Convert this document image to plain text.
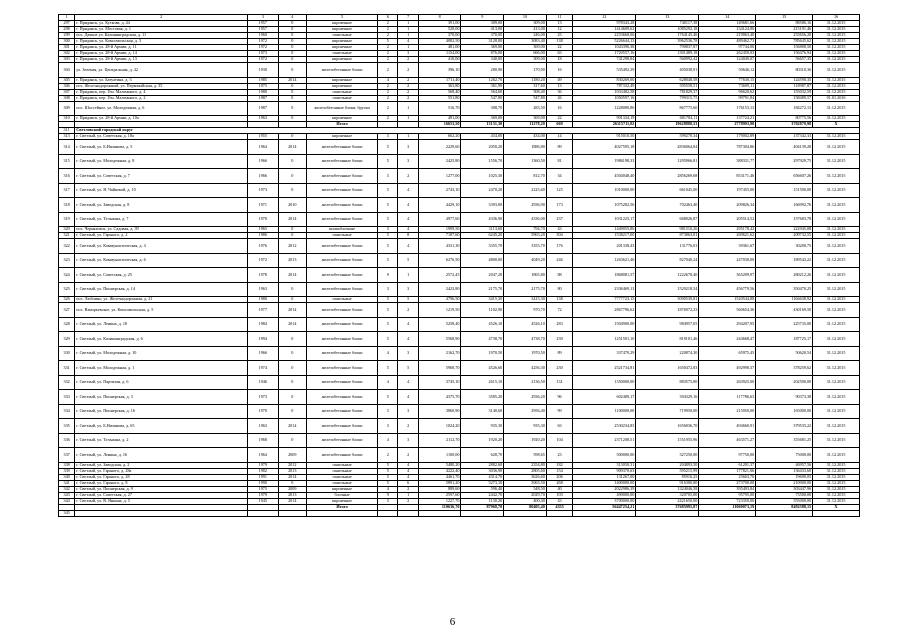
1	2	3	4	5	6	7	8	9	10	11	12	13	14	15	16
297	г. Приданск, ул. Куткова, д. 44	1957	0	кирпичные	2	1	391,00	309,00	309,00	13	978343,28	740117,38	149681,66	88586,16	31.12.2015
298	г. Приданск, ул. Мостовая, д. 1	1957	0	кирпичные	2	1	528,00	413,00	413,00	12	1414609,62	1085292,18	134124,80	215191,46	31.12.2015
299	пос. Дачное ул. Калининградская, д. 11	1960	0	панельные	2	1	370,00	370,00	246,00	25	2253668,06	1764145,46	219063,40	255656,20	31.12.2015
300	г. Приданск, ул. Комсомольская, д. 3	1972	0	кирпичные	5	4	4082,50	3128,00	3083,40	138	5226644,13	3962536,78	489462,73	785645,62	31.12.2015
301	г. Приданск, ул. 28-й Армии, д. 11	1972	0	кирпичные	2	1	481,00	369,00	369,00	22	1043390,38	790837,87	97744,00	156808,50	31.12.2015
302	г. Приданск, ул. 28-й Армии, д. 14	1973	0	панельные	2	3	1154,00	876,00	666,00	63	1720557,16	1301489,18	262450,03	156476,94	31.12.2015
303	г. Приданск, ул. 28-й Армии, д. 13	1972	0	кирпичные	2	2	410,00	340,00	309,00	18	741298,84	560992,42	124049,07	56657,35	31.12.2015
304	ул. Зеленая, ул. Центральная, д. 42	1930	0	железобетонные блоки	2	2	396,10	280,90	170,90	16	535492,39	405038,91	50646,12	80310,36	31.12.2015
305	г. Приданск, ул. Батуатина, д. 3	1985	2014	кирпичные	4	2	1711,40	1262,70	1180,20	49	830269,00	628048,58	77630,15	124590,35	31.12.2015
306	пос. Железнодорожный, ул. Первомайская, д. 35	1975	0	кирпичные	2	2	363,80	361,90	317,60	13	787332,49	595558,51	73609,11	118987,87	31.12.2015
307	г. Приданск, пер. Ген. Маленького, д. 4	1980	0	панельные	2	2	568,40	564,60	508,40	36	1033482,58	781829,37	96620,62	155032,59	31.12.2015
308	г. Приданск, пер. Ген. Маленького, д. 2	1987	0	панельные	2	2	551,80	547,80	547,80	26	1050597,16	799315,75	99791,84	158489,57	01.01.2016
309	пос. Шоссейное, ул. Молодежная, д. 6	1987	0	железобетонные блоки, бруски	2	1	516,70	308,70	283,50	16	1228080,86	867775,60	176153,13	184272,13	31.12.2015
310	г. Приданск, ул. 28-й Армии, д. 10а	1963	0	кирпичные	2	1	481,00	369,00	369,00	22	901334,19	681784,11	137724,21	80775,56	31.12.2015
				Итого			16653,50	13131,30	11278,20	669	26115711,02	19628888,53	2778993,90	3702879,98	X
311	Светловский городской округ														
313	г. Светлый, ул. Советская, д. 18а	1955	0	кирпичные	3	1	662,20	434,00	434,00	14	915010,50	599270,34	179002,89	137342,33	31.12.2015
314	г. Светлый, ул. Б.Низинова, д. 5	1964	2014	железобетонные блоки	5	3	2229,60	2050,20	1886,80	89	4027595,18	2836064,04	787304,86	404139,28	31.12.2015
315	г. Светлый, ул. Молодежная, д. 8	1966	0	железобетонные блоки	5	3	2425,80	1556,70	1360,50	81	1986198,33	1295966,81	388331,77	297929,75	31.12.2015
316	г. Светлый, ул. Советская, д. 7	1966	0	железобетонные блоки	3	2	1277,00	1025,30	812,70	34	4504048,40	2856269,68	853171,46	656607,26	31.12.2015
317	г. Светлый, ул. Я. Чайковой, д. 10	1973	0	железобетонные блоки	5	4	2743,10	2470,20	2225,60	125	1010000,00	661045,00	197455,00	151500,00	31.12.2015
318	г. Светлый, ул. Заводская, д. 8	1971	2010	железобетонные блоки	5	4	4429,10	3393,00	2936,90	173	1075282,56	702463,40	209826,34	166992,76	31.12.2015
319	г. Светлый, ул. Тельмана, д. 7	1970	2014	железобетонные блоки	5	4	4977,60	4336,90	4336,00	237	1031225,17	668026,87	205514,52	157683,78	31.12.2015
320	пос. Черняховск, ул. Садовая, д. 39	1965	0	шлакоблочные	3	4	1999,50	1113,60	794,70	43	1449055,86	981510,26	295178,42	222945,08	31.12.2015
321	г. Светлый, ул. Гарького, д. 2	1986	0	панельные	5	8	7187,60	6245,20	5963,20	304	1538217,00	873863,01	269621,62	209732,55	31.12.2015
322	г. Светлый, ул. Коммунистическая, д. 4	1976	2012	железобетонные блоки	5	4	4331,30	3355,70	3355,70	176	201338,43	131776,01	39361,67	30200,75	31.12.2015
323	г. Светлый, ул. Коммунистическая, д. 6	1972	2013	железобетонные блоки	5	5	6276,50	4800,00	4049,20	246	1263621,46	827040,24	247038,00	189543,22	31.12.2015
324	г. Светлый, ул. Советская, д. 25	1978	2014	железобетонные блоки	9	1	2572,45	2047,20	1865,80	88	1868081,57	1222678,40	365209,97	280212,26	31.12.2015
325	г. Светлый, ул. Пионерская, д. 14	1963	0	железобетонные блоки	3	3	2423,80	2175,70	2175,70	80	2336469,13	1529218,54	456779,56	350470,25	31.12.2015
326	пос. Люблино, ул. Железнодорожная, д. 21	1980	0	панельные	5	5	4796,50	3415,30	3415,30	138	7777723,15	5090539,81	1520544,88	1166638,92	31.12.2015
327	пос. Взморьевское, ул. Комсомольская, д. 5	1977	2014	железобетонные блоки	5	2	1219,50	1102,90	970,70	72	2867796,62	1876972,33	560654,36	430169,50	31.12.2015
328	г. Светлый, ул. Ленина, д. 18	1984	2014	железобетонные блоки	5	4	5258,40	4526,10	4526,10	283	1504900,00	984957,05	294207,95	225735,00	31.12.2015
329	г. Светлый, ул. Калининградская, д. 6	1994	0	железобетонные блоки	5	4	5568,90	4738,70	4738,70	239	1251501,10	819101,46	244668,47	187725,17	31.12.2015
330	г. Светлый, ул. Молодежная, д. 10	1966	0	железобетонные блоки	4	3	2162,70	1970,50	1970,50	89	337470,29	220874,30	65975,45	50620,54	31.12.2015
331	г. Светлый, ул. Молодежная, д. 1	1974	0	железобетонные блоки	5	5	5968,70	4526,60	4256,30	230	2521734,81	1650472,83	492998,37	378259,62	31.12.2015
332	г. Светлый, ул. Партизан, д. 6	1946	0	железобетонные блоки	4	4	3745,10	2615,10	2136,50	131	1350000,00	883575,00	263925,00	202500,00	31.12.2015
333	г. Светлый, ул. Пионерская, д. 3	1973	0	железобетонные блоки	5	4	4375,70	3585,20	2936,20	96	602489,17	394329,16	117786,63	90373,38	31.12.2015
334	г. Светлый, ул. Пионерская, д. 16	1970	0	железобетонные блоки	3	3	3860,90	3140,60	2956,40	99	1100000,00	719950,00	215050,00	165000,00	31.12.2015
335	г. Светлый, ул. Б.Низинова, д. 65	1963	2014	железобетонные блоки	3	2	1024,20	935,30	935,30	63	2530234,83	1656036,70	494660,91	379535,22	31.12.2015
336	г. Светлый, ул. Тельмана, д. 2	1968	0	железобетонные блоки	4	3	2112,70	1920,20	1920,20	104	2371208,51	1551955,96	463571,27	355681,25	31.12.2015
337	г. Светлый, ул. Ленина, д. 16	1964	2009	железобетонные блоки	2	2	1100,00	628,70	598,65	23	500000,00	327250,00	97750,00	75000,00	31.12.2015
338	г. Светлый, ул. Заводская, д. 2	1979	2012	панельные	5	4	5480,20	2882,60	2354,80	182	313050,31	204893,50	61201,37	46957,56	31.12.2015
339	г. Светлый, ул. Гарького, д. 28а	1982	2013	панельные	5	4	4222,40	3036,90	2805,60	154	909370,63	595215,99	177821,06	136433,60	31.12.2015
340	г. Светлый, ул. Гарького, д. 28	1991	2014	панельные	5	4	4461,70	4314,70	3626,60	206	131267,00	85916,25	25663,70	19690,05	31.12.2015
341	г. Светлый, ул. Гарького, д. 8	1990	0	панельные	5	6	5891,20	5273,10	5063,50	268	1400000,00	916300,00	273700,00	210000,00	31.12.2015
342	г. Светлый, ул. Пионерская, д. 9	1975	2009	кирпичные	4	2	889,60	596,40	548,50	40	2022986,39	1324046,58	395493,84	303447,96	31.12.2015
343	г. Светлый, ул. Советская, д. 27	1979	2013	блочные	9	1	2597,60	2442,70	2029,70	103	490000,00	320705,00	95795,00	73500,00	31.12.2015
344	г. Светлый, ул. В. Янкина, д. 5	1945	2014	кирпичные	3	2	1227,70	1130,20	400,40	43	3700000,00	2421650,00	723350,00	555000,00	31.12.2015
				Итого			110636,70	87968,70	80405,40	4355	56447254,21	37685995,87	11060073,19	8492588,15	X
345															
6
